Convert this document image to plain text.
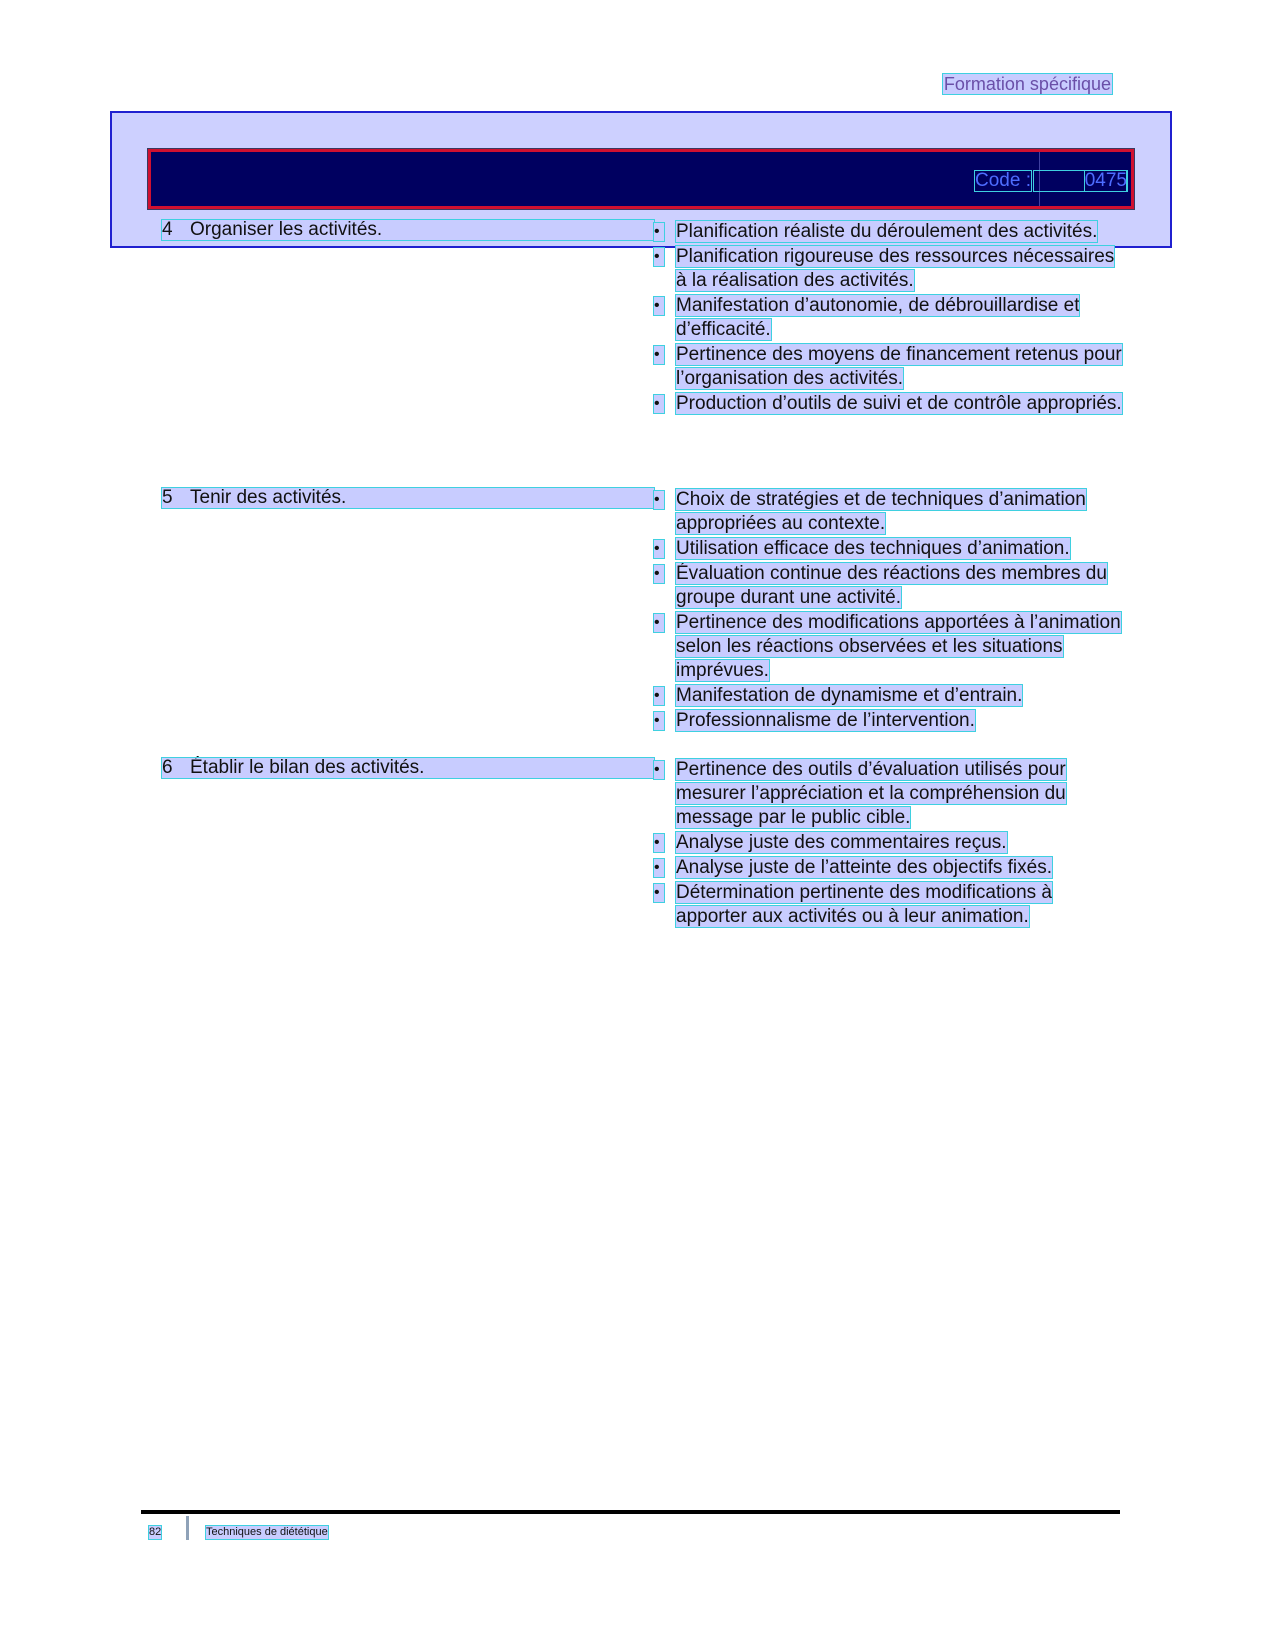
Formation spécifique
Code :	0475
4 Organiser les activités.	• Planification réaliste du déroulement des activités.
• Planification rigoureuse des ressources nécessaires à la réalisation des activités.
• Manifestation d’autonomie, de débrouillardise et d’efficacité.
• Pertinence des moyens de financement retenus pour l’organisation des activités.
• Production d’outils de suivi et de contrôle appropriés.
5 Tenir des activités.	• Choix de stratégies et de techniques d’animation appropriées au contexte.
• Utilisation efficace des techniques d’animation.
• Évaluation continue des réactions des membres du groupe durant une activité.
• Pertinence des modifications apportées à l’animation selon les réactions observées et les situations imprévues.
• Manifestation de dynamisme et d’entrain.
• Professionnalisme de l’intervention.
6 Établir le bilan des activités.	• Pertinence des outils d’évaluation utilisés pour mesurer l’appréciation et la compréhension du message par le public cible.
• Analyse juste des commentaires reçus.
• Analyse juste de l’atteinte des objectifs fixés.
• Détermination pertinente des modifications à apporter aux activités ou à leur animation.
82	Techniques de diététique
